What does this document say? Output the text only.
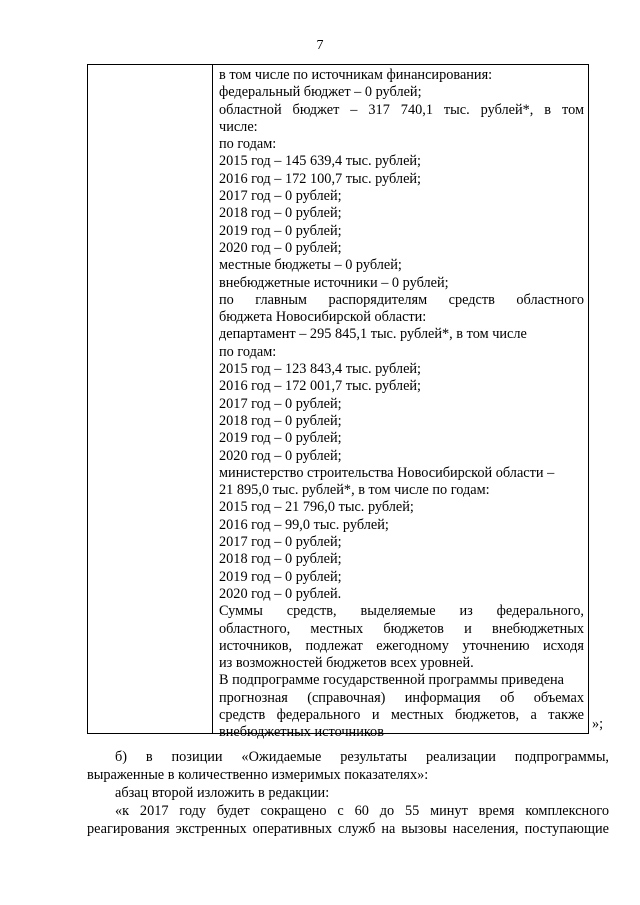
7
в том числе по источникам финансирования:
федеральный бюджет – 0 рублей;
областной бюджет – 317 740,1 тыс. рублей*, в том
числе:
по годам:
2015 год – 145 639,4 тыс. рублей;
2016 год – 172 100,7 тыс. рублей;
2017 год – 0 рублей;
2018 год – 0 рублей;
2019 год – 0 рублей;
2020 год – 0 рублей;
местные бюджеты – 0 рублей;
внебюджетные источники – 0 рублей;
по главным распорядителям средств областного
бюджета Новосибирской области:
департамент – 295 845,1 тыс. рублей*, в том числе
по годам:
2015 год – 123 843,4 тыс. рублей;
2016 год – 172 001,7 тыс. рублей;
2017 год – 0 рублей;
2018 год – 0 рублей;
2019 год – 0 рублей;
2020 год – 0 рублей;
министерство строительства Новосибирской области –
21 895,0 тыс. рублей*, в том числе по годам:
2015 год – 21 796,0 тыс. рублей;
2016 год – 99,0 тыс. рублей;
2017 год – 0 рублей;
2018 год – 0 рублей;
2019 год – 0 рублей;
2020 год – 0 рублей.
Суммы средств, выделяемые из федерального,
областного, местных бюджетов и внебюджетных
источников, подлежат ежегодному уточнению исходя
из возможностей бюджетов всех уровней.
В подпрограмме государственной программы приведена
прогнозная (справочная) информация об объемах
средств федерального и местных бюджетов, а также
внебюджетных источников
»;
б) в позиции «Ожидаемые результаты реализации подпрограммы,
выраженные в количественно измеримых показателях»:
абзац второй изложить в редакции:
«к 2017 году будет сокращено с 60 до 55 минут время комплексного
реагирования экстренных оперативных служб на вызовы населения, поступающие
